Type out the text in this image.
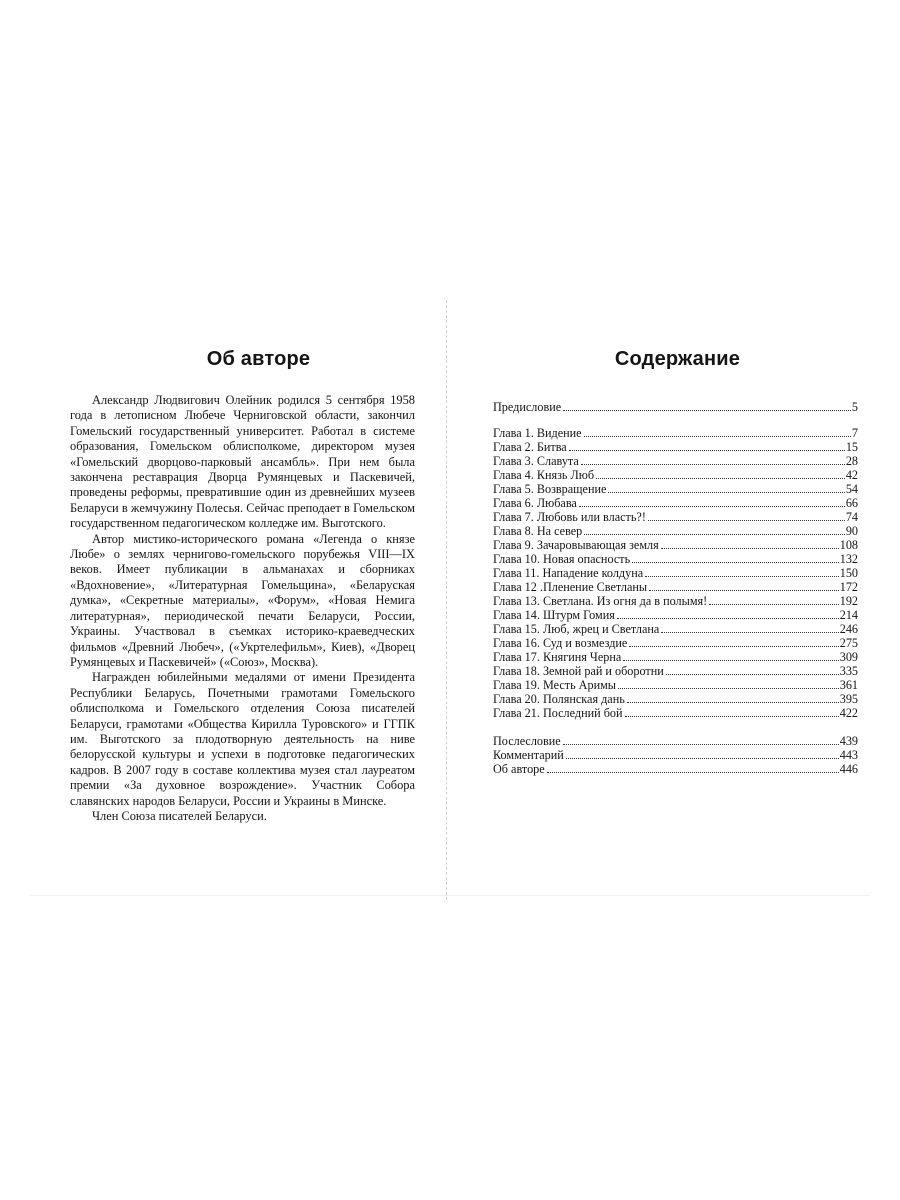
Об авторе

Александр Людвигович Олейник родился 5 сентября 1958 года в летописном Любече Черниговской области, закончил Гомельский государственный университет. Работал в системе образования, Гомельском облисполкоме, директором музея «Гомельский дворцово-парковый ансамбль». При нем была закончена реставрация Дворца Румянцевых и Паскевичей, проведены реформы, превратившие один из древнейших музеев Беларуси в жемчужину Полесья. Сейчас преподает в Гомельском государственном педагогическом колледже им. Выготского.

Автор мистико-исторического романа «Легенда о князе Любе» о землях чернигово-гомельского порубежья VIII—IX веков. Имеет публикации в альманахах и сборниках «Вдохновение», «Литературная Гомельщина», «Беларуская думка», «Секретные материалы», «Форум», «Новая Немига литературная», периодической печати Беларуси, России, Украины. Участвовал в съемках историко-краеведческих фильмов «Древний Любеч», («Укртелефильм», Киев), «Дворец Румянцевых и Паскевичей» («Союз», Москва).

Награжден юбилейными медалями от имени Президента Республики Беларусь, Почетными грамотами Гомельского облисполкома и Гомельского отделения Союза писателей Беларуси, грамотами «Общества Кирилла Туровского» и ГГПК им. Выготского за плодотворную деятельность на ниве белорусской культуры и успехи в подготовке педагогических кадров. В 2007 году в составе коллектива музея стал лауреатом премии «За духовное возрождение». Участник Собора славянских народов Беларуси, России и Украины в Минске.

Член Союза писателей Беларуси.

Содержание
Предисловие	5
Глава 1. Видение	7
Глава 2. Битва	15
Глава 3. Славута	28
Глава 4. Князь Люб	42
Глава 5. Возвращение	54
Глава 6. Любава	66
Глава 7. Любовь или власть?!	74
Глава 8. На север	90
Глава 9. Зачаровывающая земля	108
Глава 10. Новая опасность	132
Глава 11. Нападение колдуна	150
Глава 12 .Пленение Светланы	172
Глава 13. Светлана. Из огня да в полымя!	192
Глава 14. Штурм Гомия	214
Глава 15. Люб, жрец и Светлана	246
Глава 16. Суд и возмездие	275
Глава 17. Княгиня Черна	309
Глава 18. Земной рай и оборотни	335
Глава 19. Месть Аримы	361
Глава 20. Полянская дань	395
Глава 21. Последний бой	422
Послесловие	439
Комментарий	443
Об авторе	446
